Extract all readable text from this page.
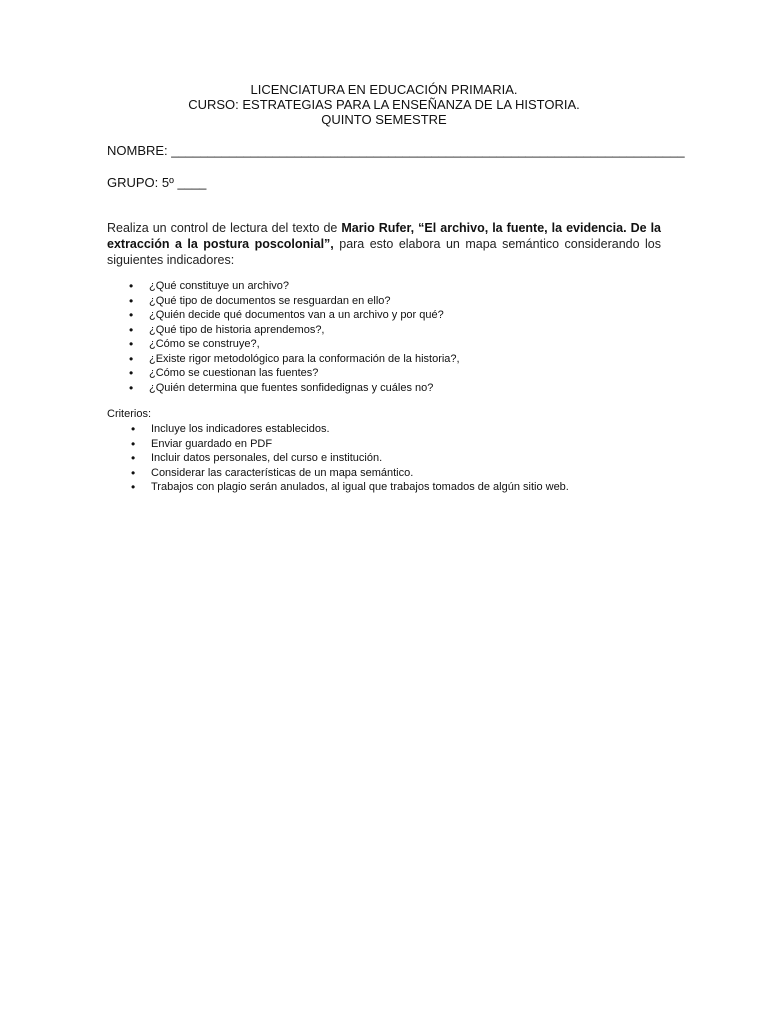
LICENCIATURA EN EDUCACIÓN PRIMARIA.
CURSO: ESTRATEGIAS PARA LA ENSEÑANZA DE LA HISTORIA.
QUINTO SEMESTRE
NOMBRE: _______________________________________________________________________
GRUPO: 5º ____
Realiza un control de lectura del texto de Mario Rufer, “El archivo, la fuente, la evidencia. De la extracción a la postura poscolonial”, para esto elabora un mapa semántico considerando los siguientes indicadores:
• ¿Qué constituye un archivo?
• ¿Qué tipo de documentos se resguardan en ello?
• ¿Quién decide qué documentos van a un archivo y por qué?
• ¿Qué tipo de historia aprendemos?,
• ¿Cómo se construye?,
• ¿Existe rigor metodológico para la conformación de la historia?,
• ¿Cómo se cuestionan las fuentes?
• ¿Quién determina que fuentes sonfidedignas y cuáles no?
Criterios:
• Incluye los indicadores establecidos.
• Enviar guardado en PDF
• Incluir datos personales, del curso e institución.
• Considerar las características de un mapa semántico.
• Trabajos con plagio serán anulados, al igual que trabajos tomados de algún sitio web.
